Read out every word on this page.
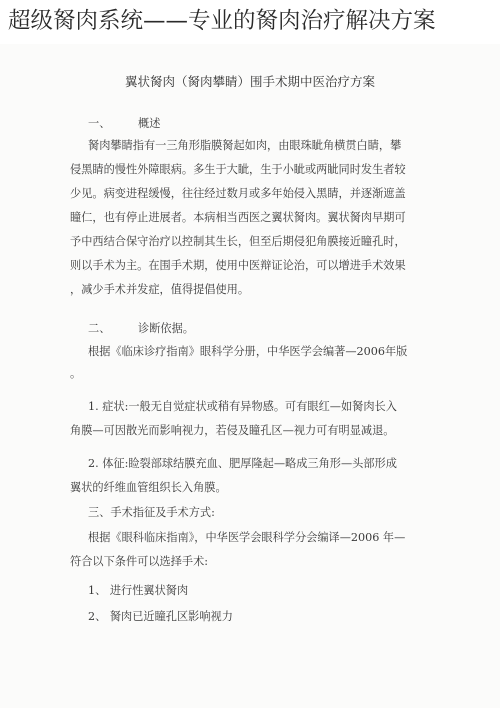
超级胬肉系统——专业的胬肉治疗解决方案
翼状胬肉（胬肉攀睛）围手术期中医治疗方案
一、 概述
胬肉攀睛指有一三角形脂膜胬起如肉，由眼珠眦角横贯白睛，攀
侵黑睛的慢性外障眼病。多生于大眦，生于小眦或两眦同时发生者较
少见。病变进程缓慢，往往经过数月或多年始侵入黑睛，并逐渐遮盖
瞳仁，也有停止进展者。本病相当西医之翼状胬肉。翼状胬肉早期可
予中西结合保守治疗以控制其生长，但至后期侵犯角膜接近瞳孔时，
则以手术为主。在围手术期，使用中医辩证论治，可以增进手术效果
，减少手术并发症，值得提倡使用。
二、 诊断依据。
根据《临床诊疗指南》眼科学分册，中华医学会编著—2006年版
。
1. 症状:一般无自觉症状或稍有异物感。可有眼红—如胬肉长入
角膜—可因散光而影响视力，若侵及瞳孔区—视力可有明显减退。
2. 体征:睑裂部球结膜充血、肥厚隆起—略成三角形—头部形成
翼状的纤维血管组织长入角膜。
三、手术指征及手术方式:
根据《眼科临床指南》，中华医学会眼科学分会编译—2006 年—
符合以下条件可以选择手术:
1、 进行性翼状胬肉
2、 胬肉已近瞳孔区影响视力
